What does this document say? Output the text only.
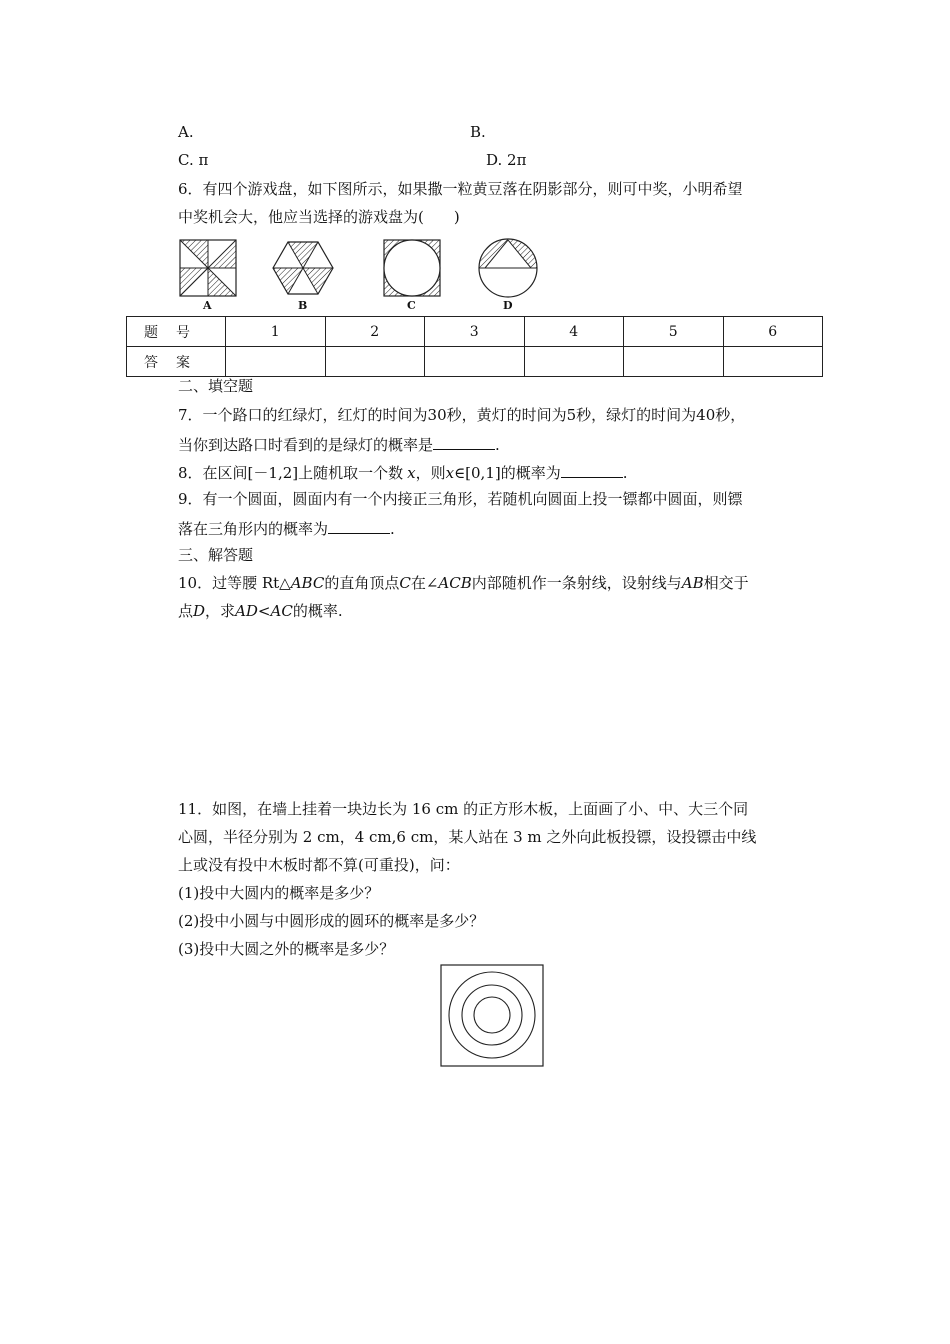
A.	B.
C. π	D. 2π
6．有四个游戏盘，如下图所示，如果撒一粒黄豆落在阴影部分，则可中奖，小明希望
中奖机会大，他应当选择的游戏盘为(　　)
A	B	C	D
题号	1	2	3	4	5	6
答案						
二、填空题
7．一个路口的红绿灯，红灯的时间为30秒，黄灯的时间为5秒，绿灯的时间为40秒，
当你到达路口时看到的是绿灯的概率是	.
8．在区间[－1,2]上随机取一个数 x，则x∈[0,1]的概率为	.
9．有一个圆面，圆面内有一个内接正三角形，若随机向圆面上投一镖都中圆面，则镖
落在三角形内的概率为	.
三、解答题
10．过等腰 Rt△ABC的直角顶点C在∠ACB内部随机作一条射线，设射线与AB相交于
点D，求AD<AC的概率.
11．如图，在墙上挂着一块边长为 16 cm 的正方形木板，上面画了小、中、大三个同
心圆，半径分别为 2 cm，4 cm,6 cm，某人站在 3 m 之外向此板投镖，设投镖击中线
上或没有投中木板时都不算(可重投)，问：
(1)投中大圆内的概率是多少？
(2)投中小圆与中圆形成的圆环的概率是多少？
(3)投中大圆之外的概率是多少？
